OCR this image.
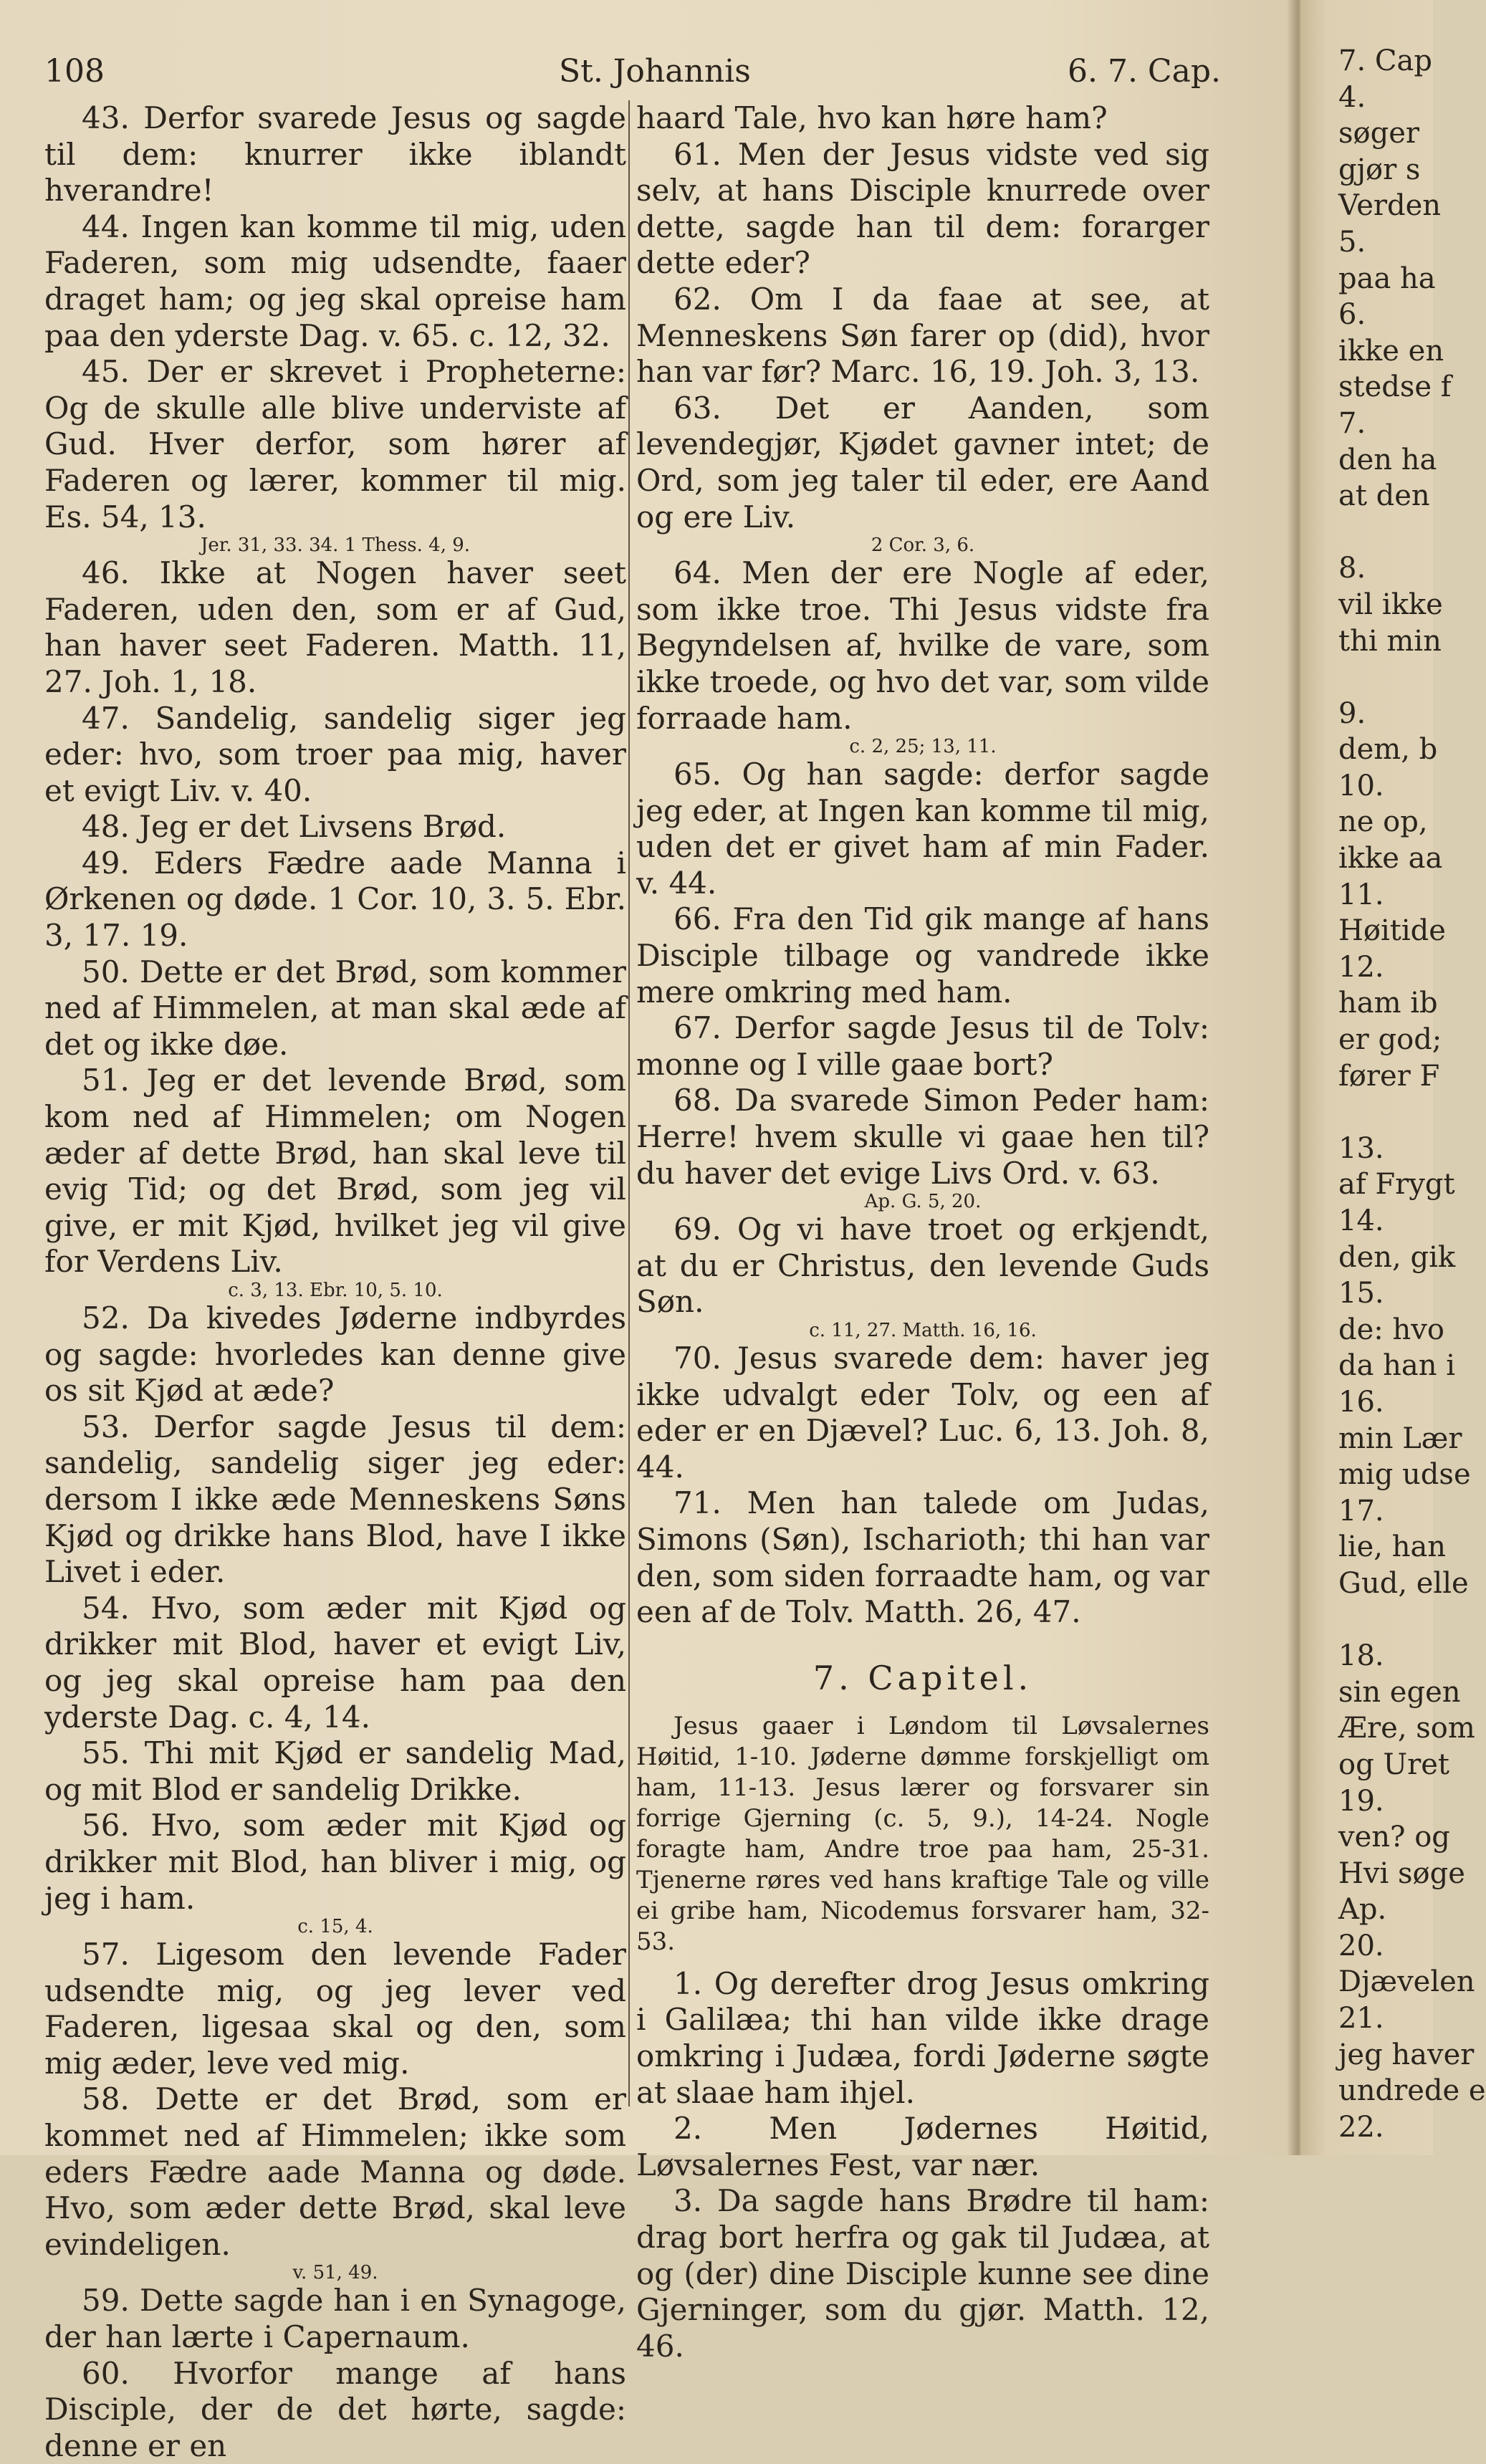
108	St. Johannis	6. 7. Cap.

43. Derfor svarede Jesus og sagde til dem: knurrer ikke iblandt hverandre!

44. Ingen kan komme til mig, uden Faderen, som mig udsendte, faaer draget ham; og jeg skal opreise ham paa den yderste Dag. v. 65. c. 12, 32.

45. Der er skrevet i Propheterne: Og de skulle alle blive underviste af Gud. Hver derfor, som hører af Faderen og lærer, kommer til mig. Es. 54, 13.

Jer. 31, 33. 34. 1 Thess. 4, 9.

46. Ikke at Nogen haver seet Faderen, uden den, som er af Gud, han haver seet Faderen. Matth. 11, 27. Joh. 1, 18.

47. Sandelig, sandelig siger jeg eder: hvo, som troer paa mig, haver et evigt Liv. v. 40.

48. Jeg er det Livsens Brød.

49. Eders Fædre aade Manna i Ørkenen og døde. 1 Cor. 10, 3. 5. Ebr. 3, 17. 19.

50. Dette er det Brød, som kommer ned af Himmelen, at man skal æde af det og ikke døe.

51. Jeg er det levende Brød, som kom ned af Himmelen; om Nogen æder af dette Brød, han skal leve til evig Tid; og det Brød, som jeg vil give, er mit Kjød, hvilket jeg vil give for Verdens Liv.

c. 3, 13. Ebr. 10, 5. 10.

52. Da kivedes Jøderne indbyrdes og sagde: hvorledes kan denne give os sit Kjød at æde?

53. Derfor sagde Jesus til dem: sandelig, sandelig siger jeg eder: dersom I ikke æde Menneskens Søns Kjød og drikke hans Blod, have I ikke Livet i eder.

54. Hvo, som æder mit Kjød og drikker mit Blod, haver et evigt Liv, og jeg skal opreise ham paa den yderste Dag. c. 4, 14.

55. Thi mit Kjød er sandelig Mad, og mit Blod er sandelig Drikke.

56. Hvo, som æder mit Kjød og drikker mit Blod, han bliver i mig, og jeg i ham.

c. 15, 4.

57. Ligesom den levende Fader udsendte mig, og jeg lever ved Faderen, ligesaa skal og den, som mig æder, leve ved mig.

58. Dette er det Brød, som er kommet ned af Himmelen; ikke som eders Fædre aade Manna og døde. Hvo, som æder dette Brød, skal leve evindeligen.

v. 51, 49.

59. Dette sagde han i en Synagoge, der han lærte i Capernaum.

60. Hvorfor mange af hans Disciple, der de det hørte, sagde: denne er en

haard Tale, hvo kan høre ham?

61. Men der Jesus vidste ved sig selv, at hans Disciple knurrede over dette, sagde han til dem: forarger dette eder?

62. Om I da faae at see, at Menneskens Søn farer op (did), hvor han var før? Marc. 16, 19. Joh. 3, 13.

63. Det er Aanden, som levendegjør, Kjødet gavner intet; de Ord, som jeg taler til eder, ere Aand og ere Liv.

2 Cor. 3, 6.

64. Men der ere Nogle af eder, som ikke troe. Thi Jesus vidste fra Begyndelsen af, hvilke de vare, som ikke troede, og hvo det var, som vilde forraade ham.

c. 2, 25; 13, 11.

65. Og han sagde: derfor sagde jeg eder, at Ingen kan komme til mig, uden det er givet ham af min Fader. v. 44.

66. Fra den Tid gik mange af hans Disciple tilbage og vandrede ikke mere omkring med ham.

67. Derfor sagde Jesus til de Tolv: monne og I ville gaae bort?

68. Da svarede Simon Peder ham: Herre! hvem skulle vi gaae hen til? du haver det evige Livs Ord. v. 63.

Ap. G. 5, 20.

69. Og vi have troet og erkjendt, at du er Christus, den levende Guds Søn.

c. 11, 27. Matth. 16, 16.

70. Jesus svarede dem: haver jeg ikke udvalgt eder Tolv, og een af eder er en Djævel? Luc. 6, 13. Joh. 8, 44.

71. Men han talede om Judas, Simons (Søn), Ischarioth; thi han var den, som siden forraadte ham, og var een af de Tolv. Matth. 26, 47.

7. Capitel.

Jesus gaaer i Løndom til Løvsalernes Høitid, 1-10. Jøderne dømme forskjelligt om ham, 11-13. Jesus lærer og forsvarer sin forrige Gjerning (c. 5, 9.), 14-24. Nogle foragte ham, Andre troe paa ham, 25-31. Tjenerne røres ved hans kraftige Tale og ville ei gribe ham, Nicodemus forsvarer ham, 32-53.

1. Og derefter drog Jesus omkring i Galilæa; thi han vilde ikke drage omkring i Judæa, fordi Jøderne søgte at slaae ham ihjel.

2. Men Jødernes Høitid, Løvsalernes Fest, var nær.

3. Da sagde hans Brødre til ham: drag bort herfra og gak til Judæa, at og (der) dine Disciple kunne see dine Gjerninger, som du gjør. Matth. 12, 46.

7. Cap

4.

søger

gjør s

Verden

5.

paa ha

6.

ikke en

stedse f

7.

den ha

at den

8.

vil ikke

thi min

9.

dem, b

10.

ne op,

ikke aa

11.

Høitide

12.

ham ib

er god;

fører F

13.

af Frygt

14.

den, gik

15.

de: hvo

da han i

16.

min Lær

mig udse

17.

lie, han

Gud, elle

18.

sin egen

Ære, som

og Uret

19.

ven? og

Hvi søge

Ap.

20.

Djævelen

21.

jeg haver

undrede e

22.
